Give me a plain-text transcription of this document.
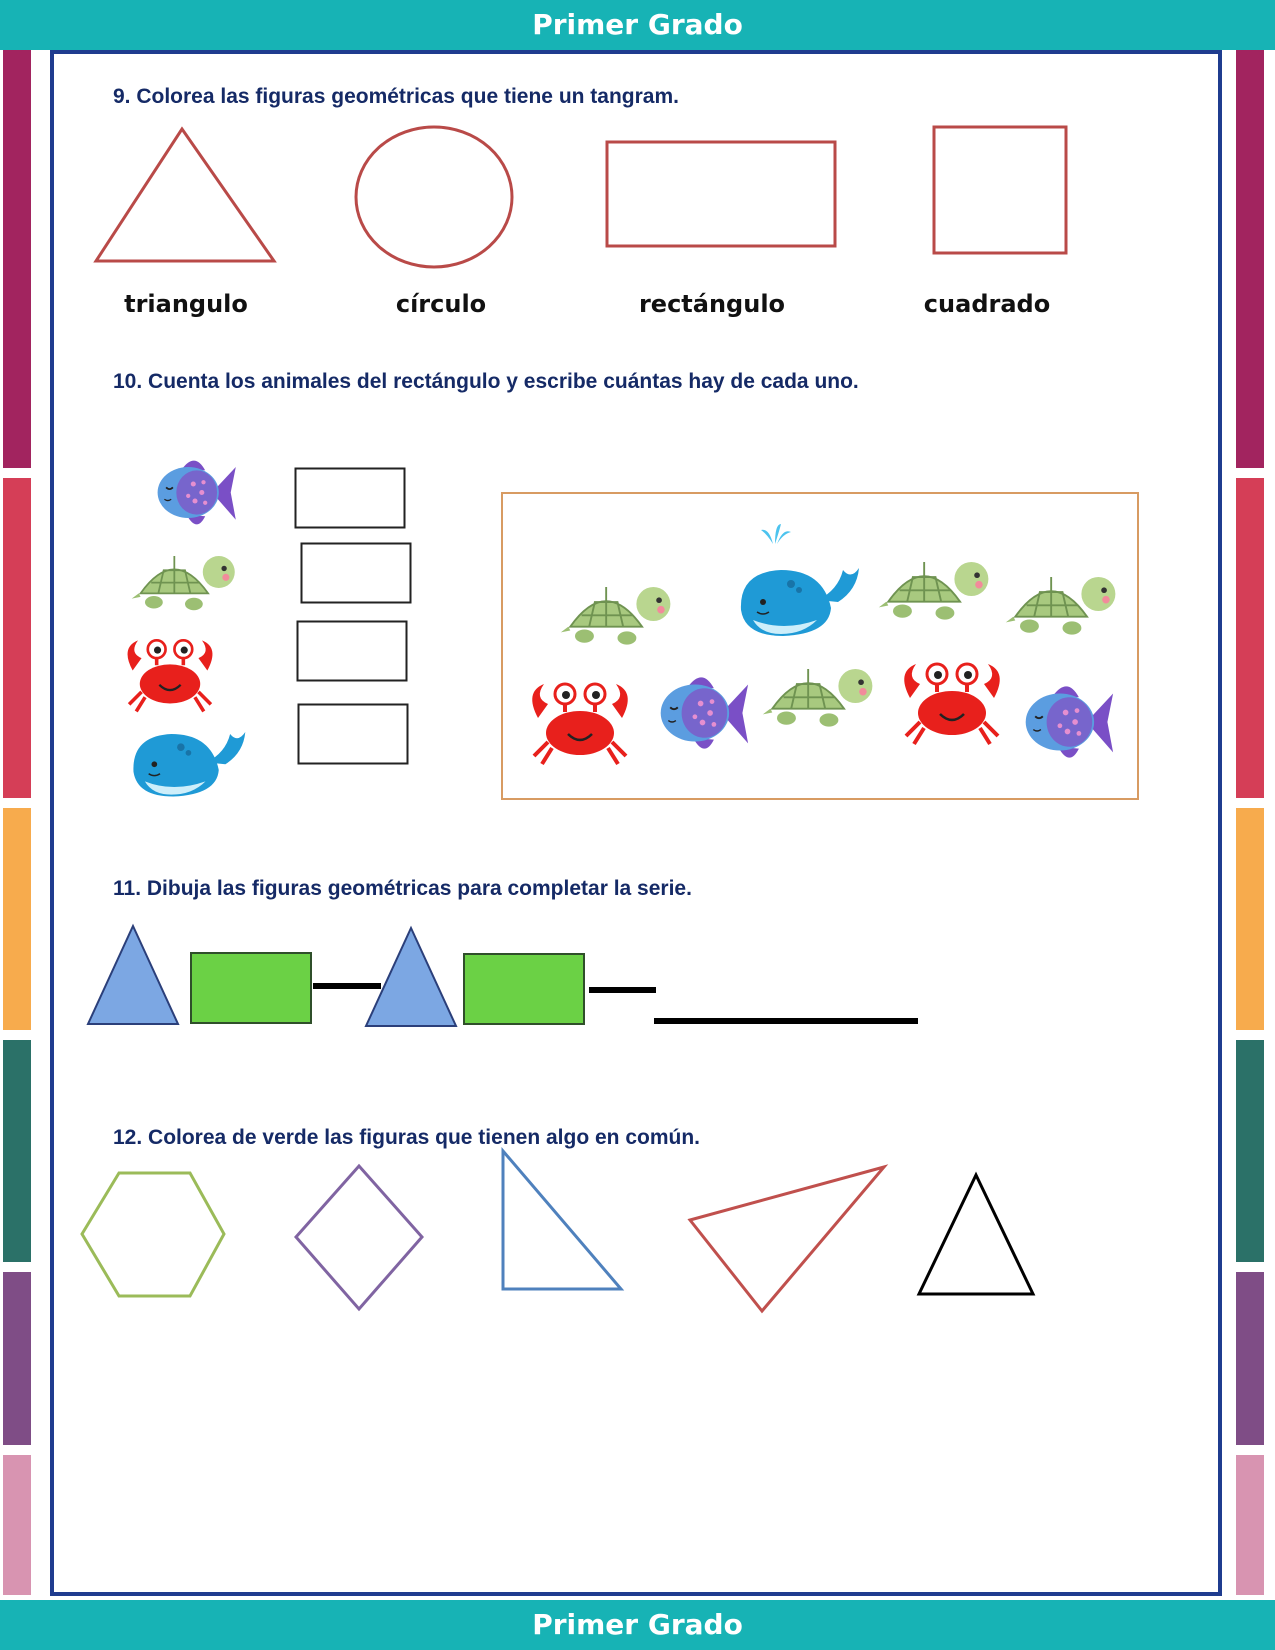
Primer Grado
Primer Grado
9. Colorea las figuras geométricas que tiene un tangram.
triangulo	círculo	rectángulo	cuadrado
10. Cuenta los animales del rectángulo y escribe cuántas hay de cada uno.
11. Dibuja las figuras geométricas para completar la serie.
12. Colorea de verde las figuras que tienen algo en común.
